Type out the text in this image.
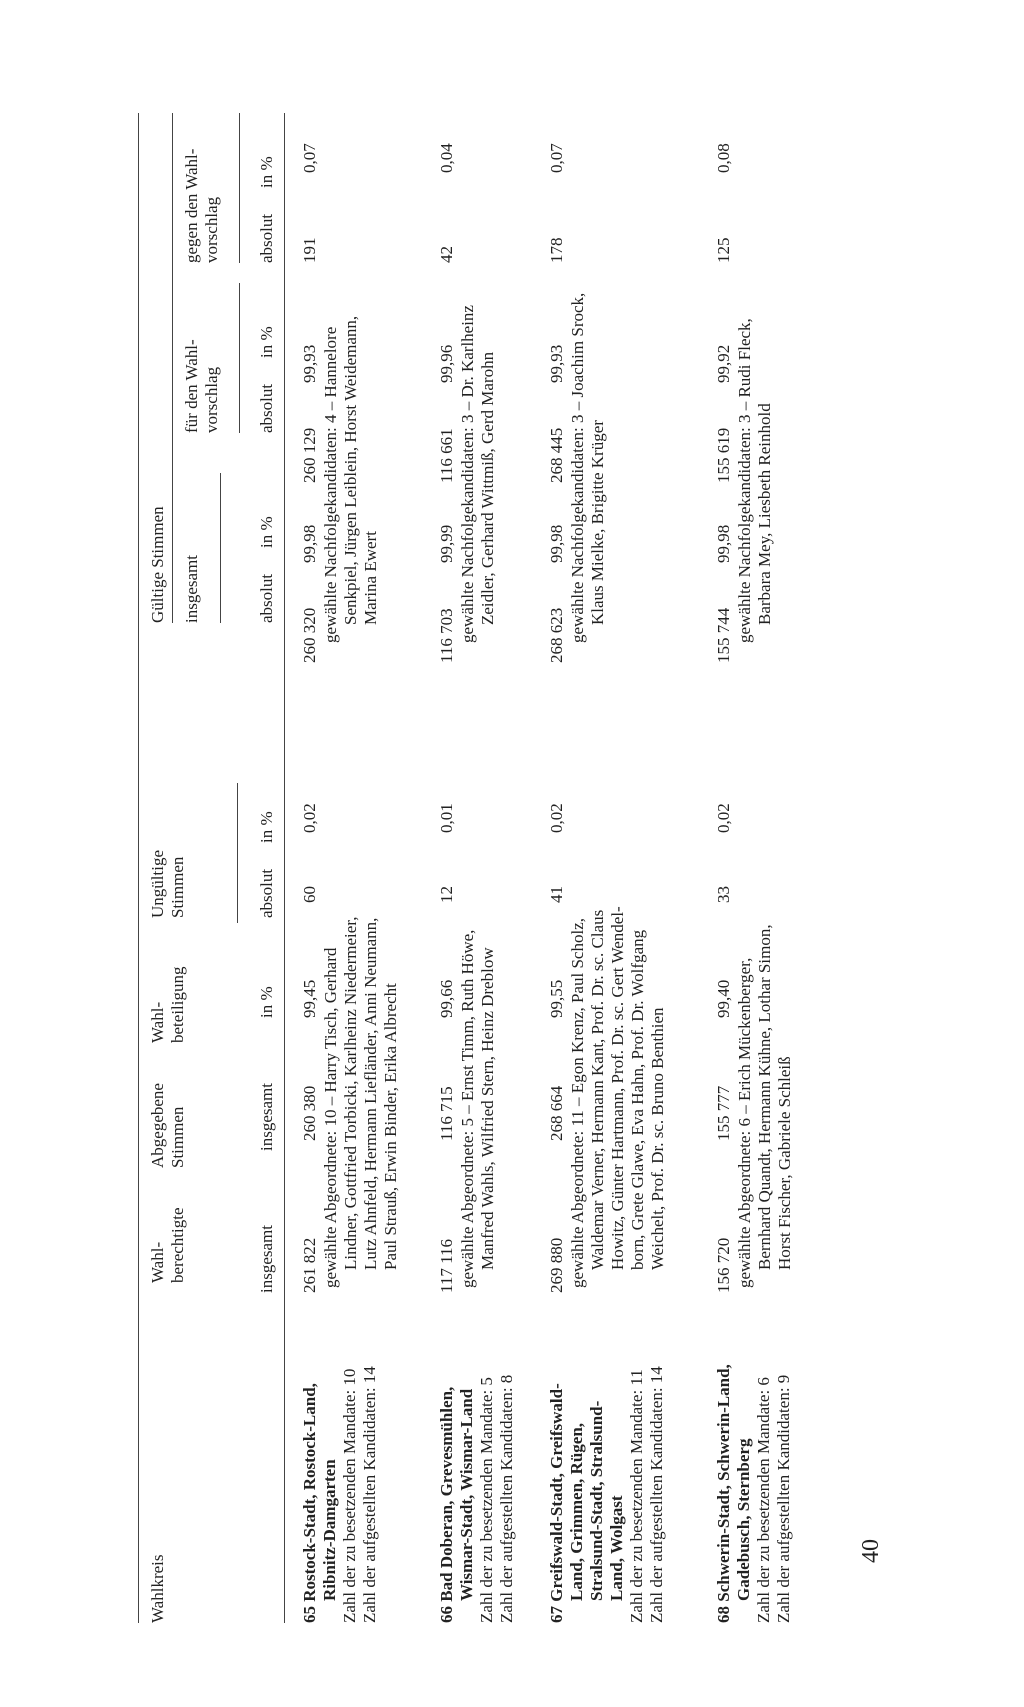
Wahlkreis
Wahl- berechtigte
Abgegebene Stimmen
Wahl- beteiligung
Ungültige Stimmen
Gültige Stimmen insgesamt
für den Wahl- vorschlag
gegen den Wahl- vorschlag
insgesamt
insgesamt
in %
absolut
in %
absolut
in %
absolut
in %
absolut
in %
65 Rostock-Stadt, Rostock-Land, Ribnitz-Damgarten Zahl der zu besetzenden Mandate: 10 Zahl der aufgestellten Kandidaten: 14
261 822
260 380
99,45
60
0,02
260 320
99,98
260 129
99,93
191
0,07
gewählte Abgeordnete: 10 – Harry Tisch, Gerhard Lindner, Gottfried Torbicki, Karlheinz Niedermeier, Lutz Ahnfeld, Hermann Liefländer, Anni Neumann, Paul Strauß, Erwin Binder, Erika Albrecht
gewählte Nachfolgekandidaten: 4 – Hannelore Senkpiel, Jürgen Leiblein, Horst Weidemann, Marina Ewert
66 Bad Doberan, Grevesmühlen, Wismar-Stadt, Wismar-Land Zahl der zu besetzenden Mandate: 5 Zahl der aufgestellten Kandidaten: 8
117 116
116 715
99,66
12
0,01
116 703
99,99
116 661
99,96
42
0,04
gewählte Abgeordnete: 5 – Ernst Timm, Ruth Höwe, Manfred Wahls, Wilfried Stern, Heinz Dreblow
gewählte Nachfolgekandidaten: 3 – Dr. Karlheinz Zeidler, Gerhard Wittmiß, Gerd Marohn
67 Greifswald-Stadt, Greifswald- Land, Grimmen, Rügen, Stralsund-Stadt, Stralsund- Land, Wolgast Zahl der zu besetzenden Mandate: 11 Zahl der aufgestellten Kandidaten: 14
269 880
268 664
99,55
41
0,02
268 623
99,98
268 445
99,93
178
0,07
gewählte Abgeordnete: 11 – Egon Krenz, Paul Scholz, Waldemar Verner, Hermann Kant, Prof. Dr. sc. Claus Howitz, Günter Hartmann, Prof. Dr. sc. Gert Wendel- born, Grete Glawe, Eva Hahn, Prof. Dr. Wolfgang Weichelt, Prof. Dr. sc. Bruno Benthien
gewählte Nachfolgekandidaten: 3 – Joachim Srock, Klaus Mielke, Brigitte Krüger
68 Schwerin-Stadt, Schwerin-Land, Gadebusch, Sternberg Zahl der zu besetzenden Mandate: 6 Zahl der aufgestellten Kandidaten: 9
156 720
155 777
99,40
33
0,02
155 744
99,98
155 619
99,92
125
0,08
gewählte Abgeordnete: 6 – Erich Mückenberger, Bernhard Quandt, Hermann Kühne, Lothar Simon, Horst Fischer, Gabriele Schleiß
gewählte Nachfolgekandidaten: 3 – Rudi Fleck, Barbara Mey, Liesbeth Reinhold
40
